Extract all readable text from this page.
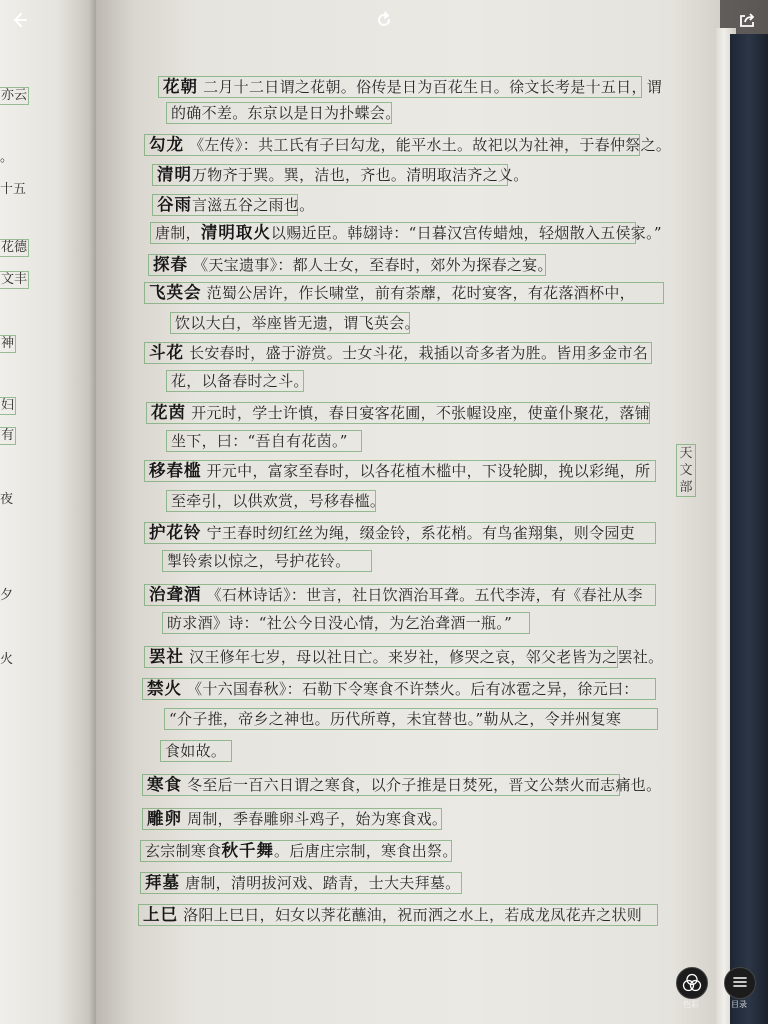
亦云
。
十五
花德
文丰
神
妇
有
夜
夕
火
花朝 二月十二日谓之花朝。俗传是日为百花生日。徐文长考是十五日，谓
的确不差。东京以是日为扑蝶会。
勾龙 《左传》：共工氏有子曰勾龙，能平水土。故祀以为社神，于春仲祭之。
清明万物齐于巽。巽，洁也，齐也。清明取洁齐之义。
谷雨言滋五谷之雨也。
唐制，清明取火以赐近臣。韩翃诗：“日暮汉宫传蜡烛，轻烟散入五侯家。”
探春 《天宝遗事》：都人士女，至春时，郊外为探春之宴。
飞英会 范蜀公居许，作长啸堂，前有荼蘼，花时宴客，有花落酒杯中，
饮以大白，举座皆无遗，谓飞英会。
斗花 长安春时，盛于游赏。士女斗花，栽插以奇多者为胜。皆用多金市名
花，以备春时之斗。
花茵 开元时，学士许慎，春日宴客花圃，不张幄设座，使童仆聚花，落铺
坐下，曰：“吾自有花茵。”
移春槛 开元中，富家至春时，以各花植木槛中，下设轮脚，挽以彩绳，所
至牵引，以供欢赏，号移春槛。
护花铃 宁王春时纫红丝为绳，缀金铃，系花梢。有鸟雀翔集，则令园吏
掣铃索以惊之，号护花铃。
治聋酒 《石林诗话》：世言，社日饮酒治耳聋。五代李涛，有《春社从李
昉求酒》诗：“社公今日没心情，为乞治聋酒一瓶。”
罢社 汉王修年七岁，母以社日亡。来岁社，修哭之哀，邻父老皆为之罢社。
禁火 《十六国春秋》：石勒下令寒食不许禁火。后有冰雹之异，徐元曰：
“介子推，帝乡之神也。历代所尊，未宜替也。”勒从之，令并州复寒
食如故。
寒食 冬至后一百六日谓之寒食，以介子推是日焚死，晋文公禁火而志痛也。
雕卵 周制，季春雕卵斗鸡子，始为寒食戏。
玄宗制寒食秋千舞。后唐庄宗制，寒食出祭。
拜墓 唐制，清明拔河戏、踏青，士大夫拜墓。
上巳 洛阳上巳日，妇女以荠花蘸油，祝而洒之水上，若成龙凤花卉之状则
天文部
色彩	目录
